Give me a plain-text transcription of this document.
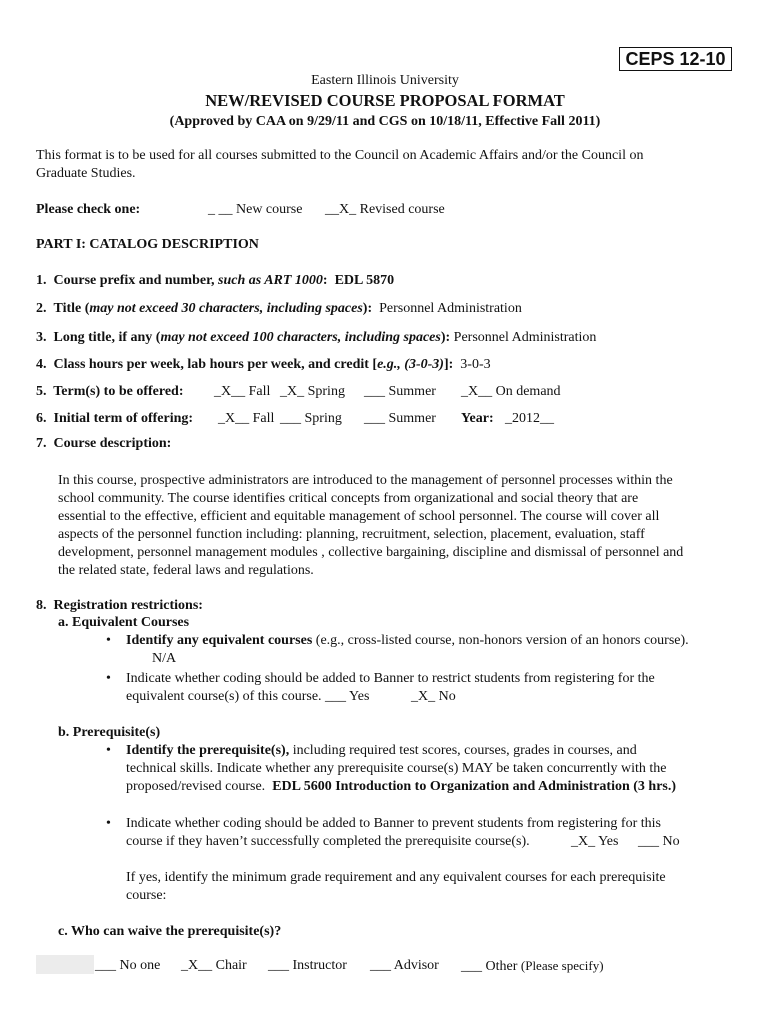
CEPS 12-10
Eastern Illinois University
NEW/REVISED COURSE PROPOSAL FORMAT
(Approved by CAA on 9/29/11 and CGS on 10/18/11, Effective Fall 2011)
This format is to be used for all courses submitted to the Council on Academic Affairs and/or the Council on
Graduate Studies.
Please check one:	_ __ New course __X_ Revised course
PART I: CATALOG DESCRIPTION
1. Course prefix and number, such as ART 1000: EDL 5870
2. Title (may not exceed 30 characters, including spaces): Personnel Administration
3. Long title, if any (may not exceed 100 characters, including spaces): Personnel Administration
4. Class hours per week, lab hours per week, and credit [e.g., (3-0-3)]: 3-0-3
5. Term(s) to be offered: _X__ Fall _X_ Spring ___ Summer _X__ On demand
6. Initial term of offering: _X__ Fall ___ Spring ___ Summer Year: _2012__
7. Course description:
In this course, prospective administrators are introduced to the management of personnel processes within the
school community. The course identifies critical concepts from organizational and social theory that are
essential to the effective, efficient and equitable management of school personnel. The course will cover all
aspects of the personnel function including: planning, recruitment, selection, placement, evaluation, staff
development, personnel management modules , collective bargaining, discipline and dismissal of personnel and
the related state, federal laws and regulations.
8. Registration restrictions:
a. Equivalent Courses
• Identify any equivalent courses (e.g., cross-listed course, non-honors version of an honors course).
N/A
• Indicate whether coding should be added to Banner to restrict students from registering for the
equivalent course(s) of this course. ___ Yes	_X_ No
b. Prerequisite(s)
• Identify the prerequisite(s), including required test scores, courses, grades in courses, and
technical skills. Indicate whether any prerequisite course(s) MAY be taken concurrently with the
proposed/revised course. EDL 5600 Introduction to Organization and Administration (3 hrs.)
• Indicate whether coding should be added to Banner to prevent students from registering for this
course if they haven’t successfully completed the prerequisite course(s).	_X_ Yes ___ No
If yes, identify the minimum grade requirement and any equivalent courses for each prerequisite
course:
c. Who can waive the prerequisite(s)?
___ No one _X__ Chair ___ Instructor ___ Advisor ___ Other (Please specify)
